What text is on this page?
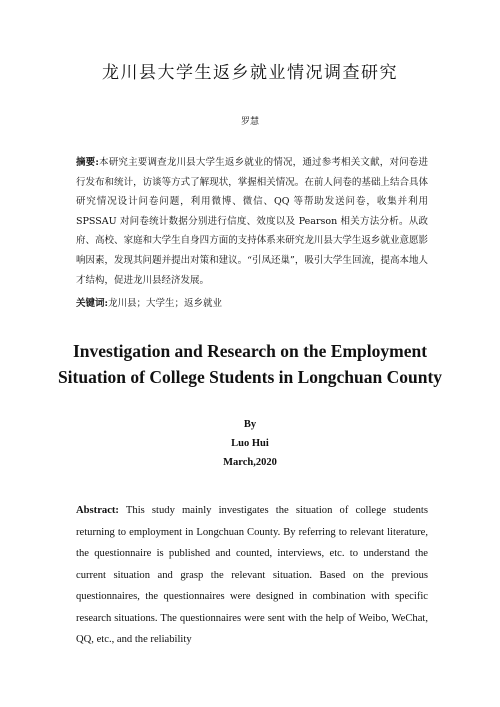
龙川县大学生返乡就业情况调查研究
罗慧
摘要:本研究主要调查龙川县大学生返乡就业的情况，通过参考相关文献，对问卷进行发布和统计，访谈等方式了解现状，掌握相关情况。在前人问卷的基础上结合具体研究情况设计问卷问题，利用微博、微信、QQ 等帮助发送问卷，收集并利用 SPSSAU 对问卷统计数据分别进行信度、效度以及 Pearson 相关方法分析。从政府、高校、家庭和大学生自身四方面的支持体系来研究龙川县大学生返乡就业意愿影响因素，发现其问题并提出对策和建议。“引凤还巢”，吸引大学生回流，提高本地人才结构，促进龙川县经济发展。
关键词:龙川县；大学生；返乡就业
Investigation and Research on the Employment Situation of College Students in Longchuan County
By
Luo Hui
March,2020
Abstract: This study mainly investigates the situation of college students returning to employment in Longchuan County. By referring to relevant literature, the questionnaire is published and counted, interviews, etc. to understand the current situation and grasp the relevant situation. Based on the previous questionnaires, the questionnaires were designed in combination with specific research situations. The questionnaires were sent with the help of Weibo, WeChat, QQ, etc., and the reliability
